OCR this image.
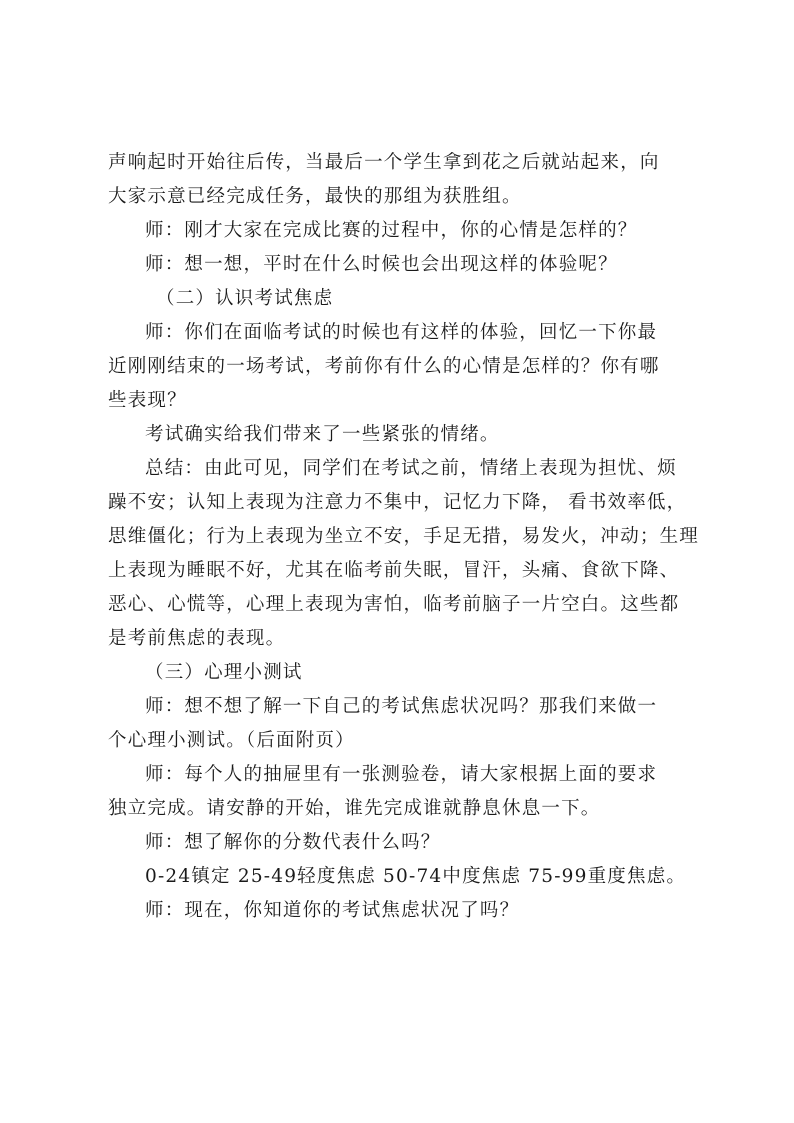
声响起时开始往后传，当最后一个学生拿到花之后就站起来，向
大家示意已经完成任务，最快的那组为获胜组。
师：刚才大家在完成比赛的过程中，你的心情是怎样的？
师：想一想，平时在什么时候也会出现这样的体验呢？
（二）认识考试焦虑
师：你们在面临考试的时候也有这样的体验，回忆一下你最
近刚刚结束的一场考试，考前你有什么的心情是怎样的？你有哪
些表现？
考试确实给我们带来了一些紧张的情绪。
总结：由此可见，同学们在考试之前，情绪上表现为担忧、烦
躁不安；认知上表现为注意力不集中，记忆力下降， 看书效率低，
思维僵化；行为上表现为坐立不安，手足无措，易发火，冲动；生理
上表现为睡眠不好，尤其在临考前失眠，冒汗，头痛、食欲下降、
恶心、心慌等，心理上表现为害怕，临考前脑子一片空白。这些都
是考前焦虑的表现。
（三）心理小测试
师：想不想了解一下自己的考试焦虑状况吗？那我们来做一
个心理小测试。（后面附页）
师：每个人的抽屉里有一张测验卷，请大家根据上面的要求
独立完成。请安静的开始，谁先完成谁就静息休息一下。
师：想了解你的分数代表什么吗？
0-24镇定 25-49轻度焦虑 50-74中度焦虑 75-99重度焦虑。
师：现在，你知道你的考试焦虑状况了吗？
